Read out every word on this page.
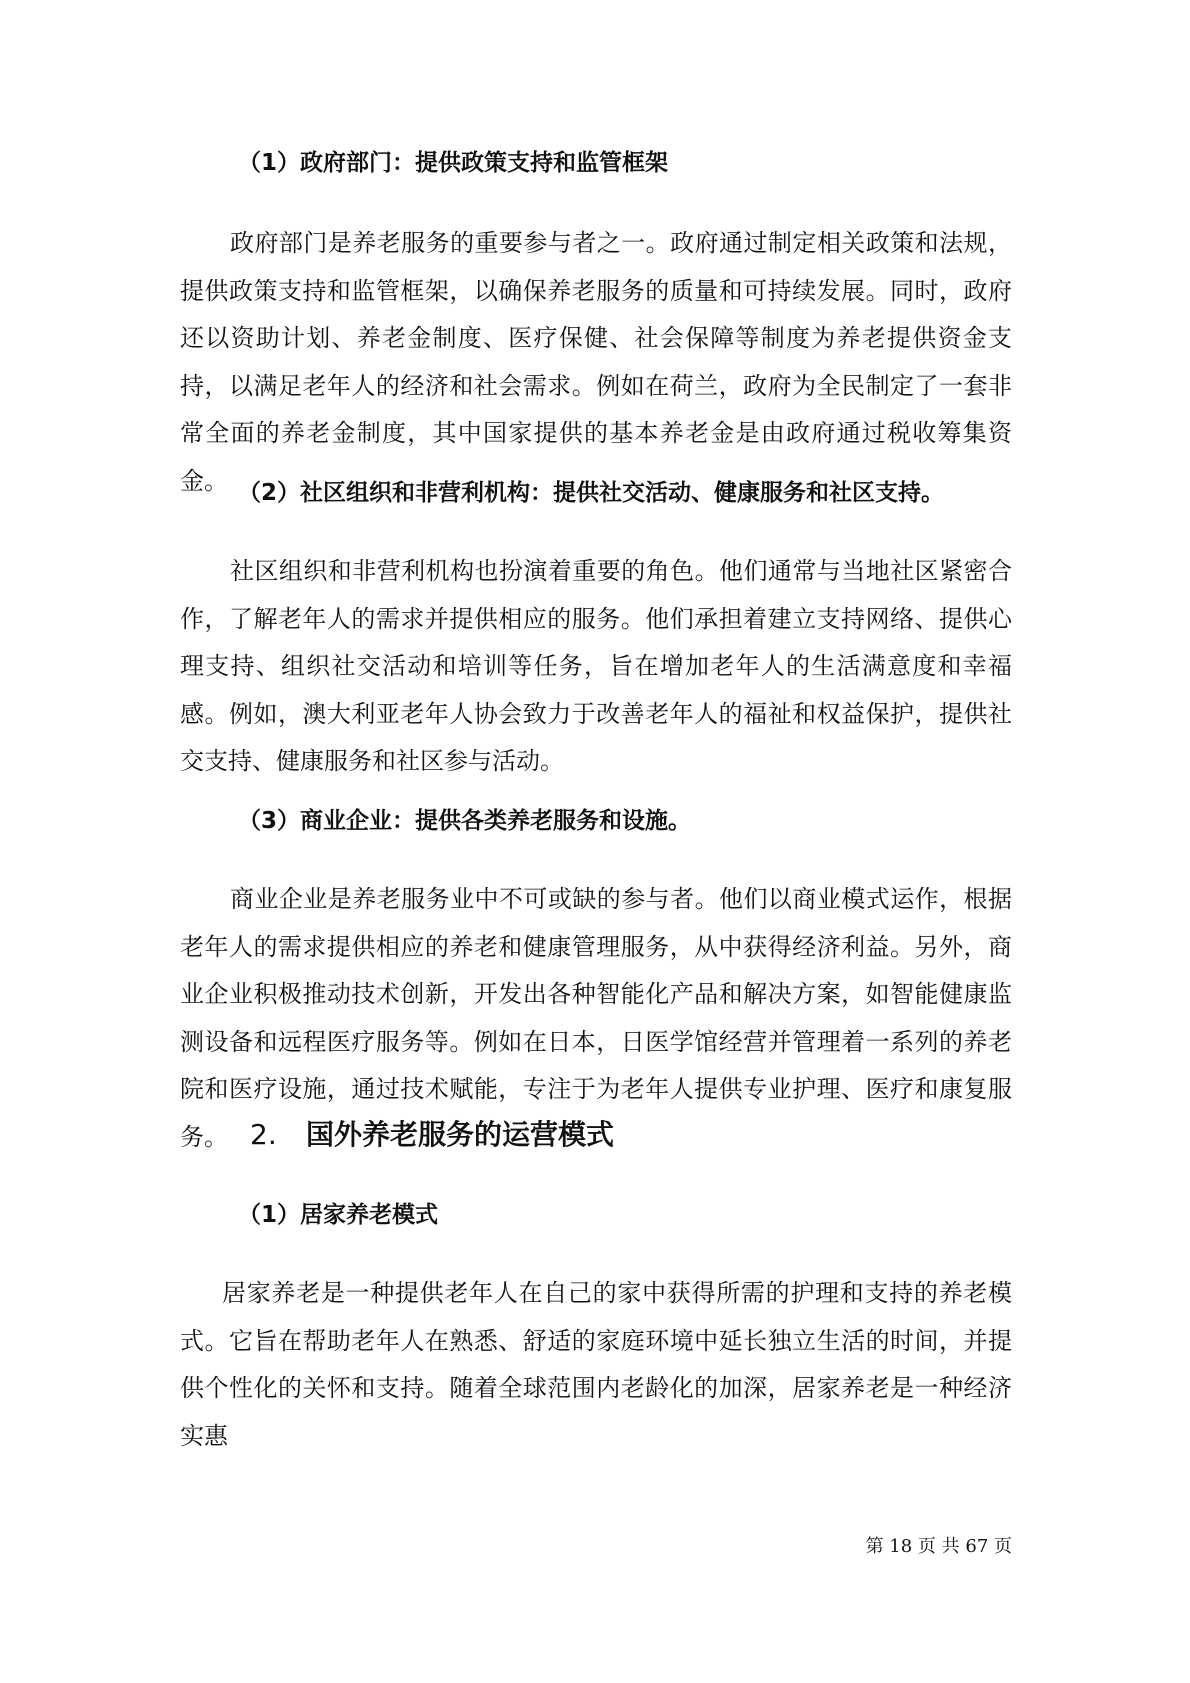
（1）政府部门：提供政策支持和监管框架

政府部门是养老服务的重要参与者之一。政府通过制定相关政策和法规，提供政策支持和监管框架，以确保养老服务的质量和可持续发展。同时，政府还以资助计划、养老金制度、医疗保健、社会保障等制度为养老提供资金支持，以满足老年人的经济和社会需求。例如在荷兰，政府为全民制定了一套非常全面的养老金制度，其中国家提供的基本养老金是由政府通过税收筹集资金。 （2）社区组织和非营利机构：提供社交活动、健康服务和社区支持。

社区组织和非营利机构也扮演着重要的角色。他们通常与当地社区紧密合作，了解老年人的需求并提供相应的服务。他们承担着建立支持网络、提供心理支持、组织社交活动和培训等任务，旨在增加老年人的生活满意度和幸福感。例如，澳大利亚老年人协会致力于改善老年人的福祉和权益保护，提供社交支持、健康服务和社区参与活动。

（3）商业企业：提供各类养老服务和设施。

商业企业是养老服务业中不可或缺的参与者。他们以商业模式运作，根据老年人的需求提供相应的养老和健康管理服务，从中获得经济利益。另外，商业企业积极推动技术创新，开发出各种智能化产品和解决方案，如智能健康监测设备和远程医疗服务等。例如在日本，日医学馆经营并管理着一系列的养老院和医疗设施，通过技术赋能，专注于为老年人提供专业护理、医疗和康复服务。 2. 国外养老服务的运营模式
（1）居家养老模式

居家养老是一种提供老年人在自己的家中获得所需的护理和支持的养老模式。它旨在帮助老年人在熟悉、舒适的家庭环境中延长独立生活的时间，并提供个性化的关怀和支持。随着全球范围内老龄化的加深，居家养老是一种经济实惠

第 18 页 共 67 页
